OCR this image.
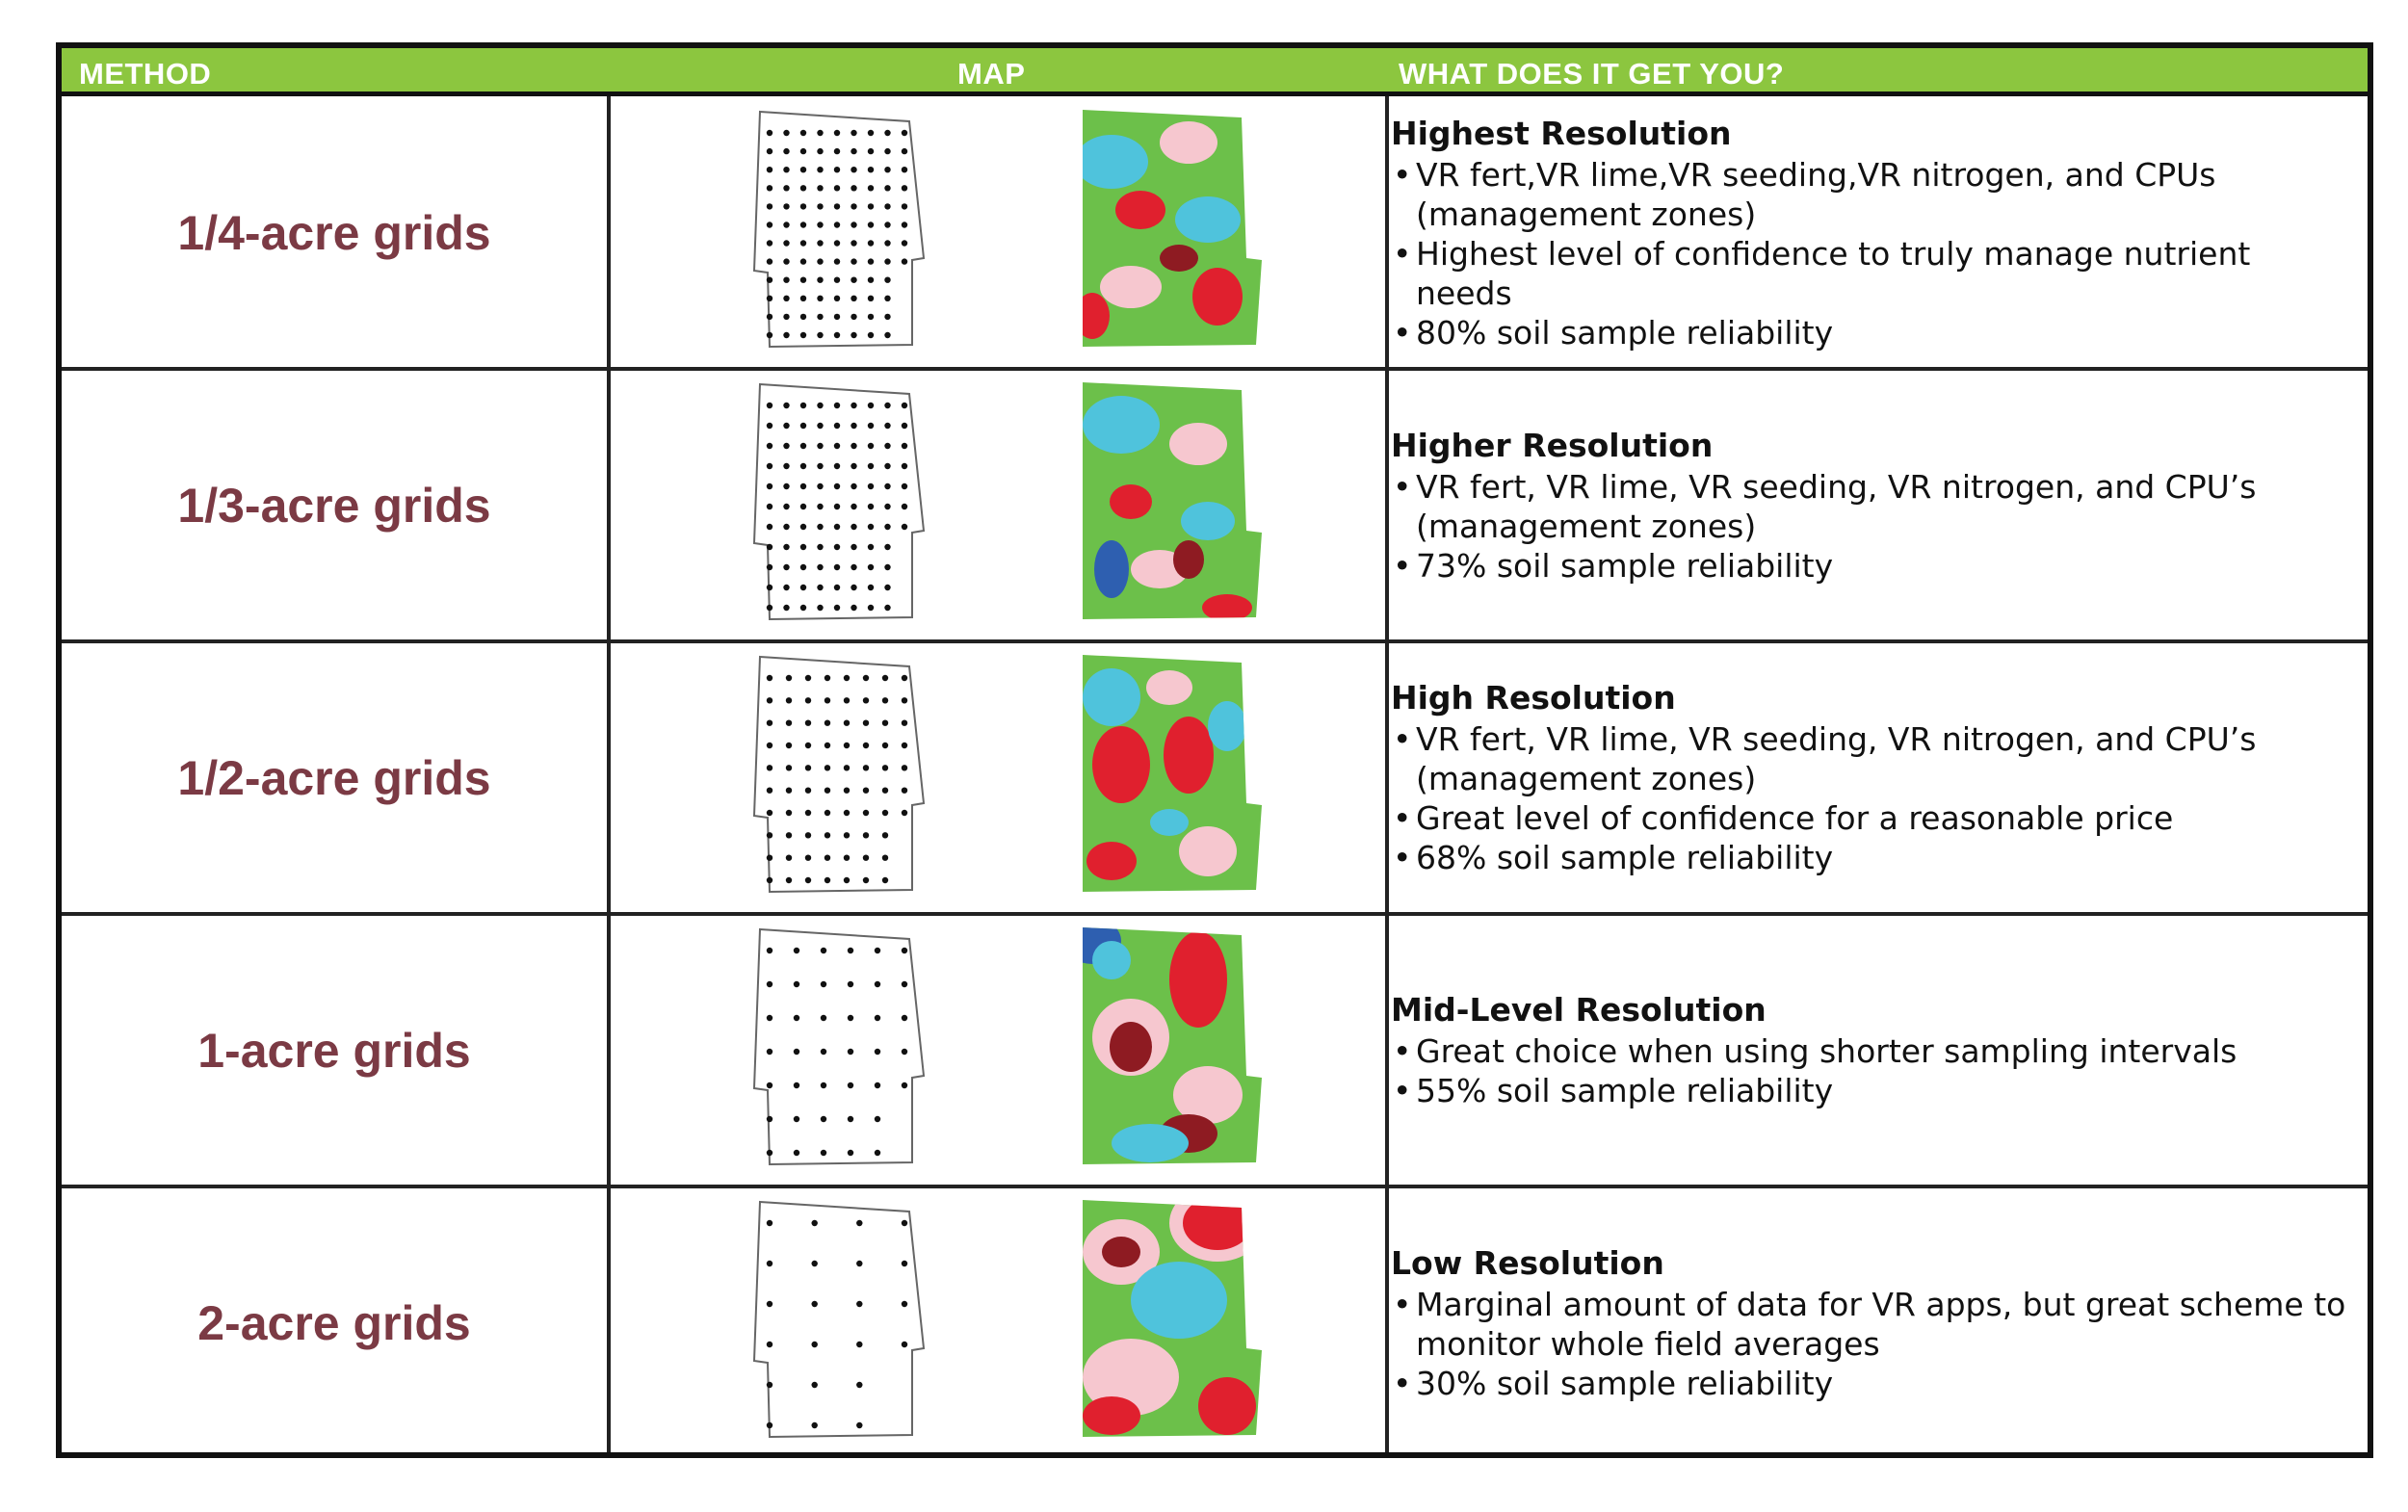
METHOD	MAP	WHAT DOES IT GET YOU?
1/4-acre grids
Highest Resolution
• VR fert,VR lime,VR seeding,VR nitrogen, and CPUs (management zones)
• Highest level of confidence to truly manage nutrient needs
• 80% soil sample reliability
1/3-acre grids
Higher Resolution
• VR fert, VR lime, VR seeding, VR nitrogen, and CPU’s (management zones)
• 73% soil sample reliability
1/2-acre grids
High Resolution
• VR fert, VR lime, VR seeding, VR nitrogen, and CPU’s (management zones)
• Great level of confidence for a reasonable price
• 68% soil sample reliability
1-acre grids
Mid-Level Resolution
• Great choice when using shorter sampling intervals
• 55% soil sample reliability
2-acre grids
Low Resolution
• Marginal amount of data for VR apps, but great scheme to monitor whole field averages
• 30% soil sample reliability
